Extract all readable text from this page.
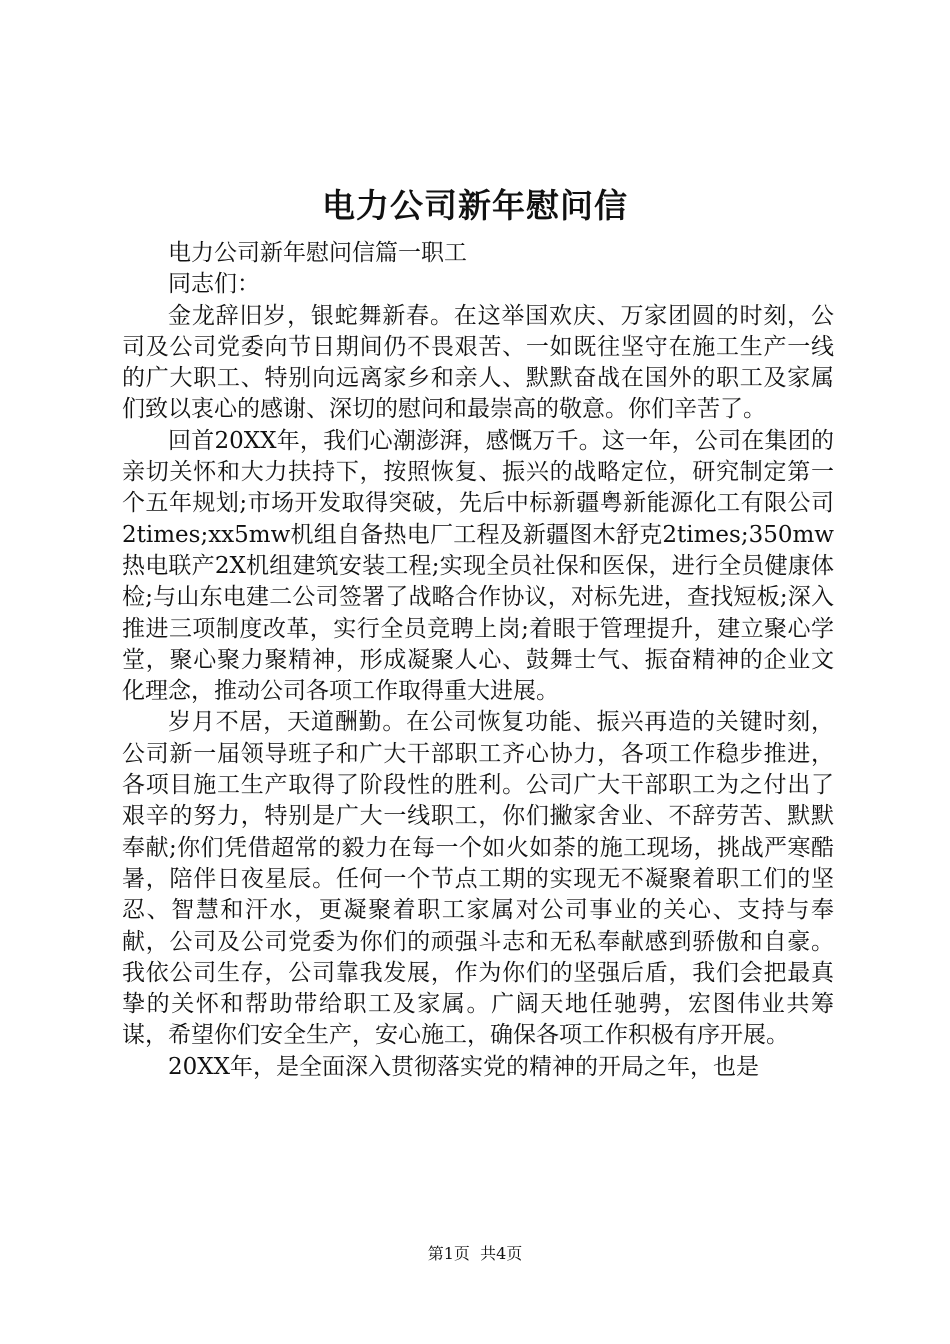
电力公司新年慰问信

电力公司新年慰问信篇一职工

同志们：

金龙辞旧岁，银蛇舞新春。在这举国欢庆、万家团圆的时刻，公司及公司党委向节日期间仍不畏艰苦、一如既往坚守在施工生产一线的广大职工、特别向远离家乡和亲人、默默奋战在国外的职工及家属们致以衷心的感谢、深切的慰问和最崇高的敬意。你们辛苦了。

回首20XX年，我们心潮澎湃，感慨万千。这一年，公司在集团的亲切关怀和大力扶持下，按照恢复、振兴的战略定位，研究制定第一个五年规划;市场开发取得突破，先后中标新疆粤新能源化工有限公司2times;xx5mw机组自备热电厂工程及新疆图木舒克2times;350mw热电联产2X机组建筑安装工程;实现全员社保和医保，进行全员健康体检;与山东电建二公司签署了战略合作协议，对标先进，查找短板;深入推进三项制度改革，实行全员竞聘上岗;着眼于管理提升，建立聚心学堂，聚心聚力聚精神，形成凝聚人心、鼓舞士气、振奋精神的企业文化理念，推动公司各项工作取得重大进展。

岁月不居，天道酬勤。在公司恢复功能、振兴再造的关键时刻，公司新一届领导班子和广大干部职工齐心协力，各项工作稳步推进，各项目施工生产取得了阶段性的胜利。公司广大干部职工为之付出了艰辛的努力，特别是广大一线职工，你们撇家舍业、不辞劳苦、默默奉献;你们凭借超常的毅力在每一个如火如荼的施工现场，挑战严寒酷暑，陪伴日夜星辰。任何一个节点工期的实现无不凝聚着职工们的坚忍、智慧和汗水，更凝聚着职工家属对公司事业的关心、支持与奉献，公司及公司党委为你们的顽强斗志和无私奉献感到骄傲和自豪。我依公司生存，公司靠我发展，作为你们的坚强后盾，我们会把最真挚的关怀和帮助带给职工及家属。广阔天地任驰骋，宏图伟业共筹谋，希望你们安全生产，安心施工，确保各项工作积极有序开展。

20XX年，是全面深入贯彻落实党的精神的开局之年，也是

第1页  共4页
